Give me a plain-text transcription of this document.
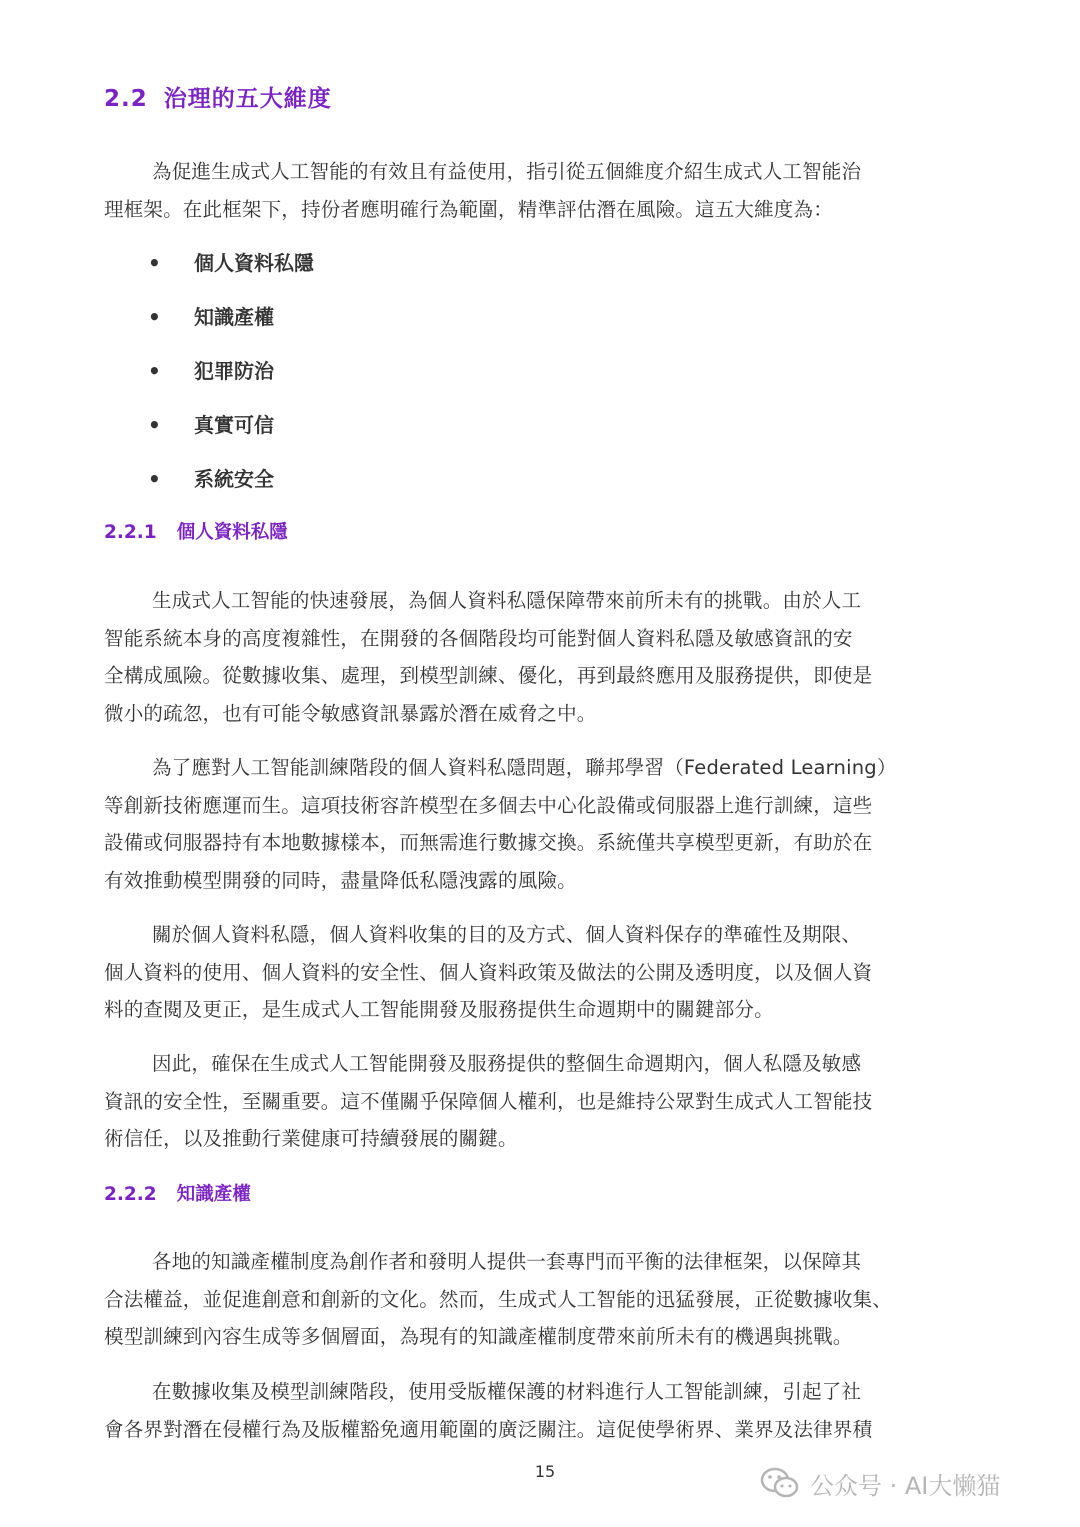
2.2 治理的五大維度
為促進生成式人工智能的有效且有益使用，指引從五個維度介紹生成式人工智能治
理框架。在此框架下，持份者應明確行為範圍，精準評估潛在風險。這五大維度為：
• 個人資料私隱
• 知識產權
• 犯罪防治
• 真實可信
• 系統安全
2.2.1 個人資料私隱
生成式人工智能的快速發展，為個人資料私隱保障帶來前所未有的挑戰。由於人工
智能系統本身的高度複雜性，在開發的各個階段均可能對個人資料私隱及敏感資訊的安
全構成風險。從數據收集、處理，到模型訓練、優化，再到最終應用及服務提供，即使是
微小的疏忽，也有可能令敏感資訊暴露於潛在威脅之中。
為了應對人工智能訓練階段的個人資料私隱問題，聯邦學習（Federated Learning）
等創新技術應運而生。這項技術容許模型在多個去中心化設備或伺服器上進行訓練，這些
設備或伺服器持有本地數據樣本，而無需進行數據交換。系統僅共享模型更新，有助於在
有效推動模型開發的同時，盡量降低私隱洩露的風險。
關於個人資料私隱，個人資料收集的目的及方式、個人資料保存的準確性及期限、
個人資料的使用、個人資料的安全性、個人資料政策及做法的公開及透明度，以及個人資
料的查閱及更正，是生成式人工智能開發及服務提供生命週期中的關鍵部分。
因此，確保在生成式人工智能開發及服務提供的整個生命週期內，個人私隱及敏感
資訊的安全性，至關重要。這不僅關乎保障個人權利，也是維持公眾對生成式人工智能技
術信任，以及推動行業健康可持續發展的關鍵。
2.2.2 知識產權
各地的知識產權制度為創作者和發明人提供一套專門而平衡的法律框架，以保障其
合法權益，並促進創意和創新的文化。然而，生成式人工智能的迅猛發展，正從數據收集、
模型訓練到內容生成等多個層面，為現有的知識產權制度帶來前所未有的機遇與挑戰。
在數據收集及模型訓練階段，使用受版權保護的材料進行人工智能訓練，引起了社
會各界對潛在侵權行為及版權豁免適用範圍的廣泛關注。這促使學術界、業界及法律界積
15	公众号 · AI大懒猫
